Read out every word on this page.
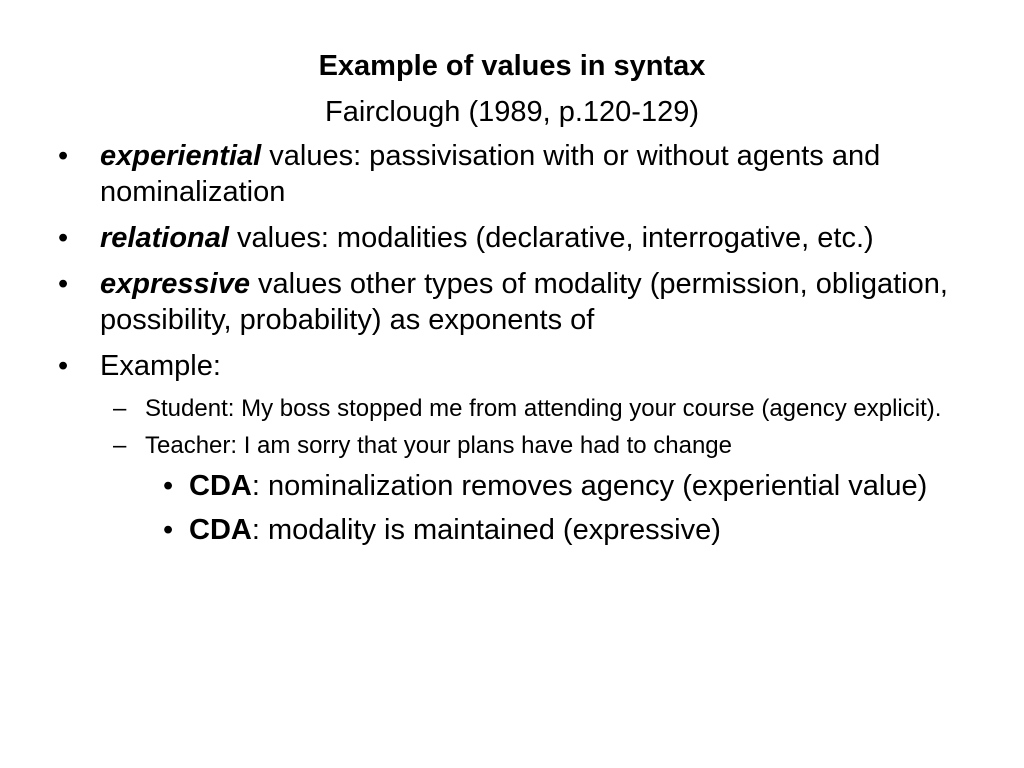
Example of values in syntax
Fairclough (1989, p.120-129)
• experiential values: passivisation with or without agents and nominalization
• relational values: modalities (declarative, interrogative, etc.)
• expressive values other types of modality (permission, obligation, possibility, probability) as exponents of
• Example:
– Student: My boss stopped me from attending your course (agency explicit).
– Teacher: I am sorry that your plans have had to change
• CDA: nominalization removes agency (experiential value)
• CDA: modality is maintained (expressive)
